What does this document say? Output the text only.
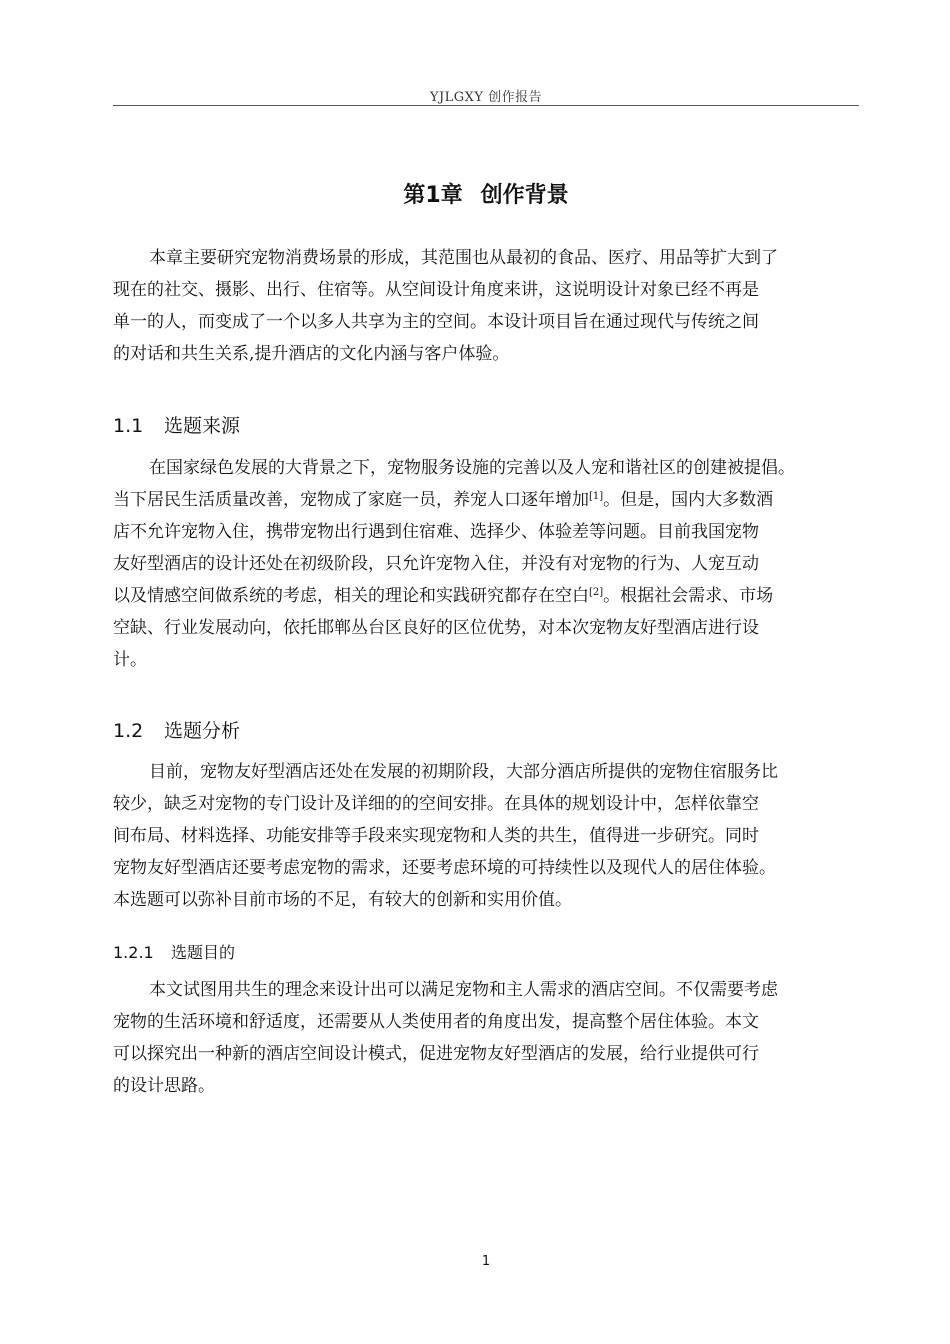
YJLGXY 创作报告
第1章 创作背景
本章主要研究宠物消费场景的形成，其范围也从最初的食品、医疗、用品等扩大到了
现在的社交、摄影、出行、住宿等。从空间设计角度来讲，这说明设计对象已经不再是
单一的人，而变成了一个以多人共享为主的空间。本设计项目旨在通过现代与传统之间
的对话和共生关系,提升酒店的文化内涵与客户体验。
1.1 选题来源
在国家绿色发展的大背景之下，宠物服务设施的完善以及人宠和谐社区的创建被提倡。
当下居民生活质量改善，宠物成了家庭一员，养宠人口逐年增加[1]。但是，国内大多数酒
店不允许宠物入住，携带宠物出行遇到住宿难、选择少、体验差等问题。目前我国宠物
友好型酒店的设计还处在初级阶段，只允许宠物入住，并没有对宠物的行为、人宠互动
以及情感空间做系统的考虑，相关的理论和实践研究都存在空白[2]。根据社会需求、市场
空缺、行业发展动向，依托邯郸丛台区良好的区位优势，对本次宠物友好型酒店进行设
计。
1.2 选题分析
目前，宠物友好型酒店还处在发展的初期阶段，大部分酒店所提供的宠物住宿服务比
较少，缺乏对宠物的专门设计及详细的的空间安排。在具体的规划设计中，怎样依靠空
间布局、材料选择、功能安排等手段来实现宠物和人类的共生，值得进一步研究。同时
宠物友好型酒店还要考虑宠物的需求，还要考虑环境的可持续性以及现代人的居住体验。
本选题可以弥补目前市场的不足，有较大的创新和实用价值。
1.2.1 选题目的
本文试图用共生的理念来设计出可以满足宠物和主人需求的酒店空间。不仅需要考虑
宠物的生活环境和舒适度，还需要从人类使用者的角度出发，提高整个居住体验。本文
可以探究出一种新的酒店空间设计模式，促进宠物友好型酒店的发展，给行业提供可行
的设计思路。
1
